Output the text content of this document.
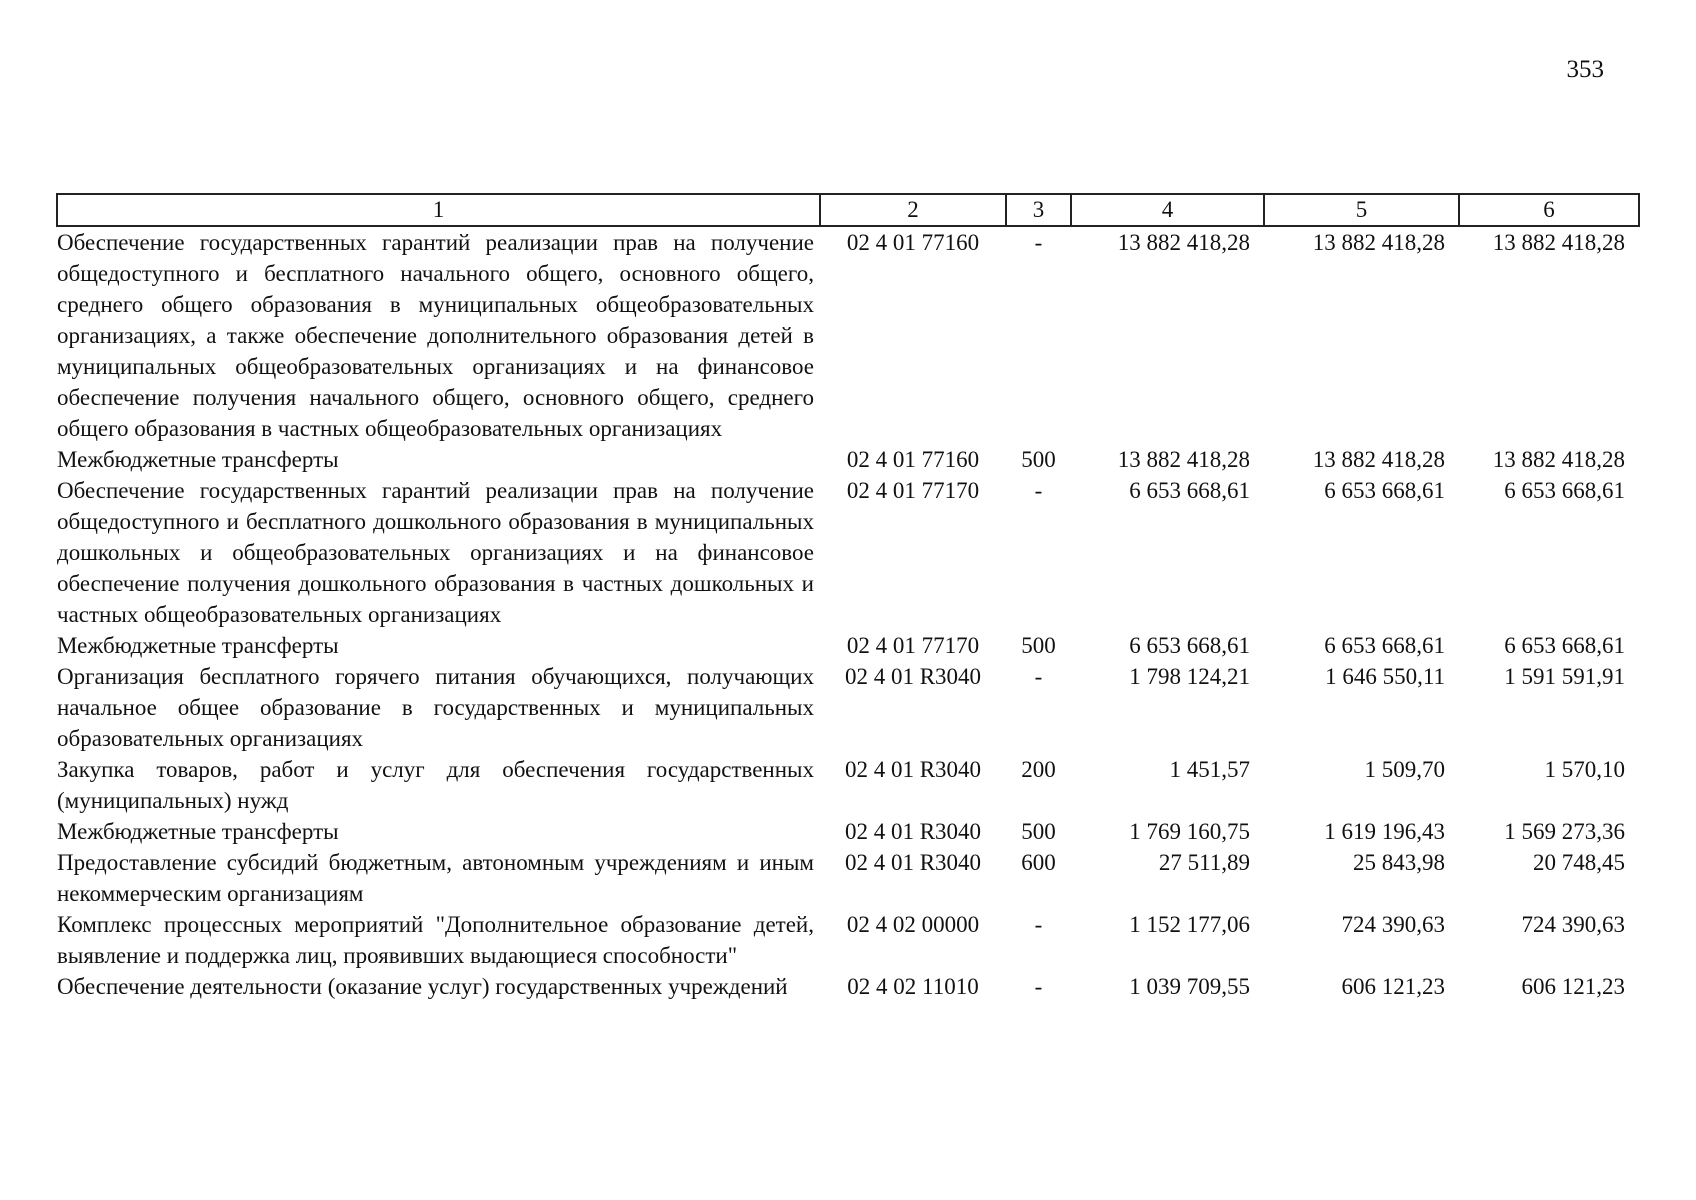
353
1	2	3	4	5	6
Обеспечение государственных гарантий реализации прав на получение общедоступного и бесплатного начального общего, основного общего, среднего общего образования в муниципальных общеобразовательных организациях, а также обеспечение дополнительного образования детей в муниципальных общеобразовательных организациях и на финансовое обеспечение получения начального общего, основного общего, среднего общего образования в частных общеобразовательных организациях	02 4 01 77160	-	13 882 418,28	13 882 418,28	13 882 418,28
Межбюджетные трансферты	02 4 01 77160	500	13 882 418,28	13 882 418,28	13 882 418,28
Обеспечение государственных гарантий реализации прав на получение общедоступного и бесплатного дошкольного образования в муниципальных дошкольных и общеобразовательных организациях и на финансовое обеспечение получения дошкольного образования в частных дошкольных и частных общеобразовательных организациях	02 4 01 77170	-	6 653 668,61	6 653 668,61	6 653 668,61
Межбюджетные трансферты	02 4 01 77170	500	6 653 668,61	6 653 668,61	6 653 668,61
Организация бесплатного горячего питания обучающихся, получающих начальное общее образование в государственных и муниципальных образовательных организациях	02 4 01 R3040	-	1 798 124,21	1 646 550,11	1 591 591,91
Закупка товаров, работ и услуг для обеспечения государственных (муниципальных) нужд	02 4 01 R3040	200	1 451,57	1 509,70	1 570,10
Межбюджетные трансферты	02 4 01 R3040	500	1 769 160,75	1 619 196,43	1 569 273,36
Предоставление субсидий бюджетным, автономным учреждениям и иным некоммерческим организациям	02 4 01 R3040	600	27 511,89	25 843,98	20 748,45
Комплекс процессных мероприятий "Дополнительное образование детей, выявление и поддержка лиц, проявивших выдающиеся способности"	02 4 02 00000	-	1 152 177,06	724 390,63	724 390,63
Обеспечение деятельности (оказание услуг) государственных учреждений	02 4 02 11010	-	1 039 709,55	606 121,23	606 121,23
